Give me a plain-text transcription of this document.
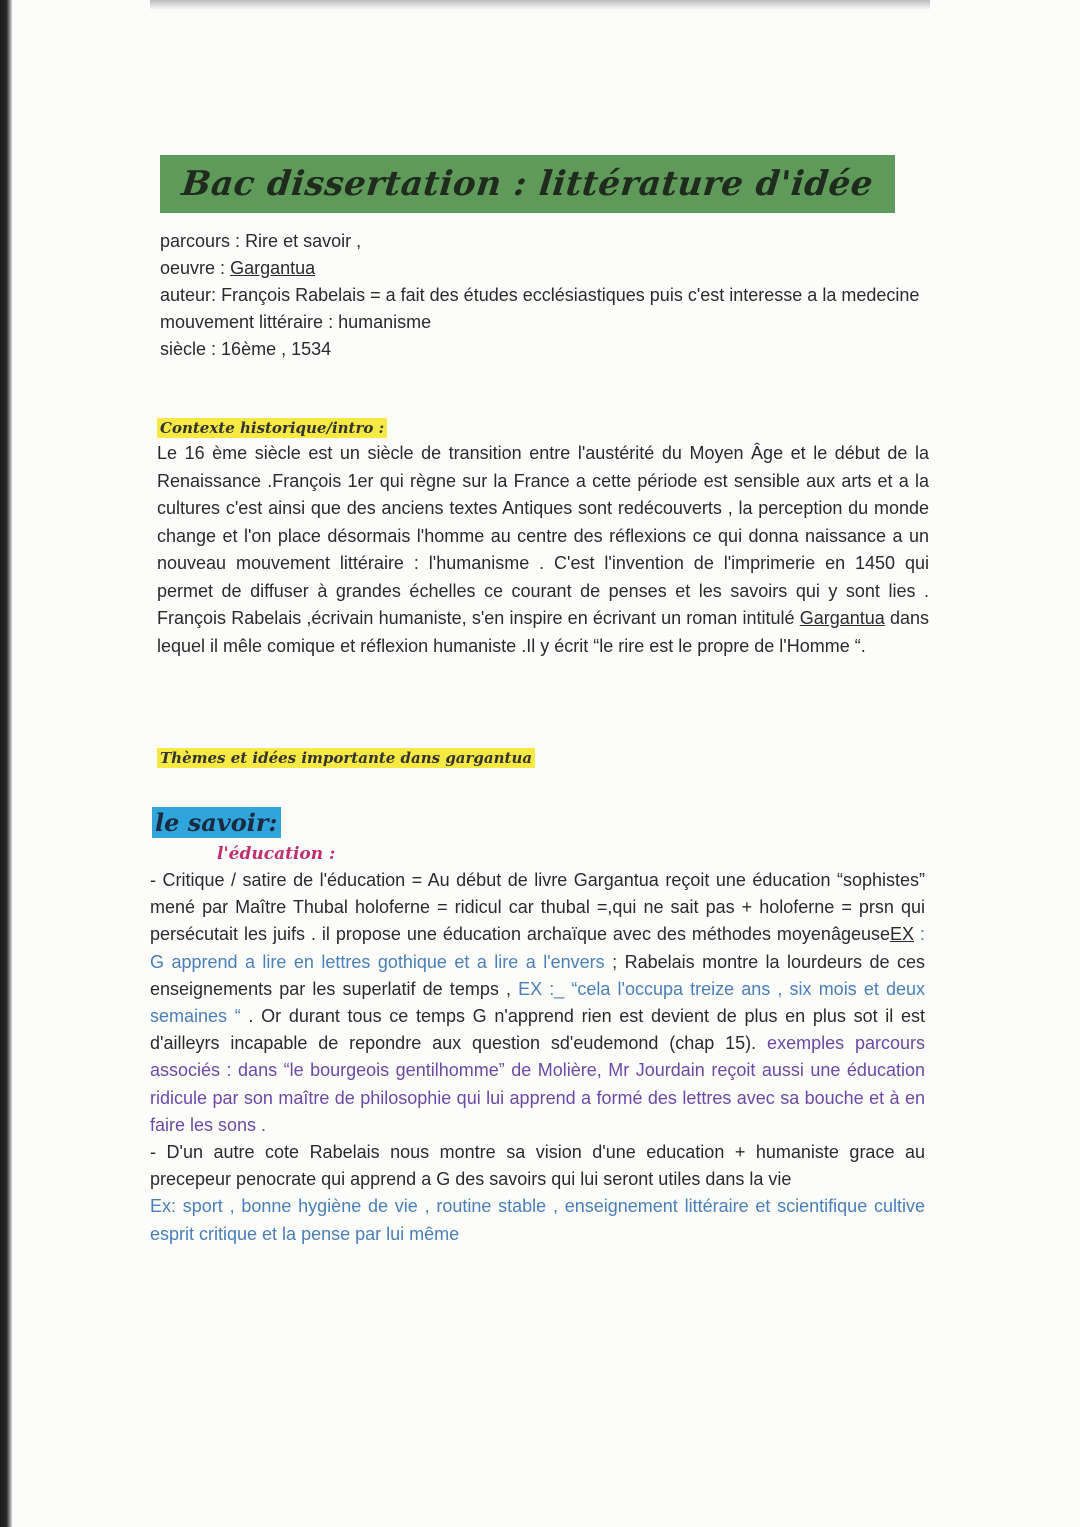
Bac dissertation : littérature d'idée
parcours : Rire et savoir ,
oeuvre : Gargantua
auteur: François Rabelais = a fait des études ecclésiastiques puis c'est interesse a la medecine
mouvement littéraire : humanisme
siècle : 16ème , 1534
Contexte historique/intro :
Le 16 ème siècle est un siècle de transition entre l'austérité du Moyen Âge et le début de la Renaissance .François 1er qui règne sur la France a cette période est sensible aux arts et a la cultures c'est ainsi que des anciens textes Antiques sont redécouverts , la perception du monde change et l'on place désormais l'homme au centre des réflexions ce qui donna naissance a un nouveau mouvement littéraire : l'humanisme . C'est l'invention de l'imprimerie en 1450 qui permet de diffuser à grandes échelles ce courant de penses et les savoirs qui y sont lies . François Rabelais ,écrivain humaniste, s'en inspire en écrivant un roman intitulé Gargantua dans lequel il mêle comique et réflexion humaniste .Il y écrit “le rire est le propre de l'Homme “.
Thèmes et idées importante dans gargantua
le savoir:
l'éducation :
- Critique / satire de l'éducation = Au début de livre Gargantua reçoit une éducation “sophistes” mené par Maître Thubal holoferne = ridicul car thubal =,qui ne sait pas + holoferne = prsn qui persécutait les juifs . il propose une éducation archaïque avec des méthodes moyenâgeuseEX : G apprend a lire en lettres gothique et a lire a l'envers ; Rabelais montre la lourdeurs de ces enseignements par les superlatif de temps , EX :_ “cela l'occupa treize ans , six mois et deux semaines “ . Or durant tous ce temps G n'apprend rien est devient de plus en plus sot il est d'ailleyrs incapable de repondre aux question sd'eudemond (chap 15). exemples parcours associés : dans “le bourgeois gentilhomme” de Molière, Mr Jourdain reçoit aussi une éducation ridicule par son maître de philosophie qui lui apprend a formé des lettres avec sa bouche et à en faire les sons .
- D'un autre cote Rabelais nous montre sa vision d'une education + humaniste grace au precepeur penocrate qui apprend a G des savoirs qui lui seront utiles dans la vie
Ex: sport , bonne hygiène de vie , routine stable , enseignement littéraire et scientifique cultive esprit critique et la pense par lui même
